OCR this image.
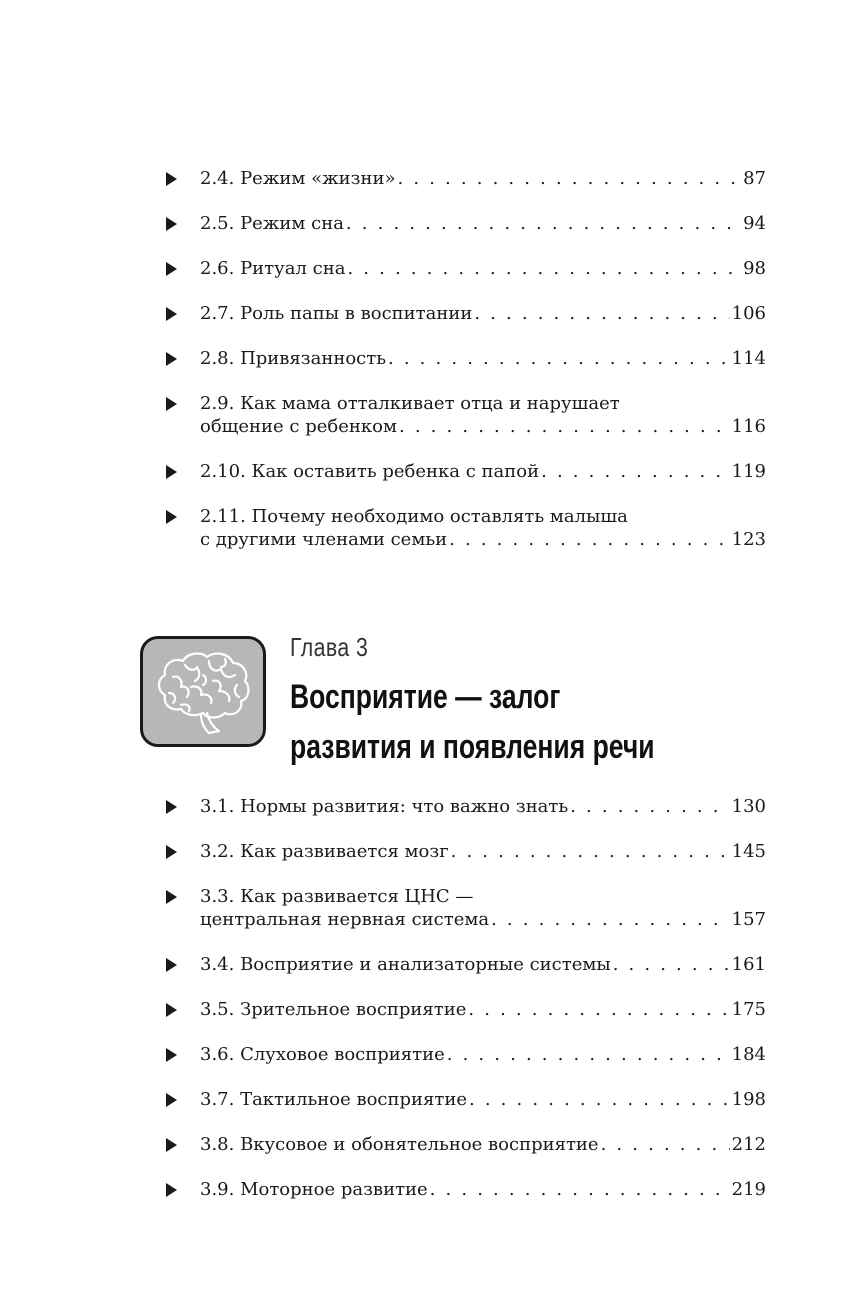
2.4. Режим «жизни» . . .	87
2.5. Режим сна . . .	94
2.6. Ритуал сна . . .	98
2.7. Роль папы в воспитании . . .	106
2.8. Привязанность . . .	114
2.9. Как мама отталкивает отца и нарушает
общение с ребенком . . .	116
2.10. Как оставить ребенка с папой . . .	119
2.11. Почему необходимо оставлять малыша
с другими членами семьи . . .	123
Глава 3
Восприятие — залог
развития и появления речи
3.1. Нормы развития: что важно знать . . .	130
3.2. Как развивается мозг . . .	145
3.3. Как развивается ЦНС —
центральная нервная система . . .	157
3.4. Восприятие и анализаторные системы . . .	161
3.5. Зрительное восприятие . . .	175
3.6. Слуховое восприятие . . .	184
3.7. Тактильное восприятие . . .	198
3.8. Вкусовое и обонятельное восприятие . . .	212
3.9. Моторное развитие . . .	219
